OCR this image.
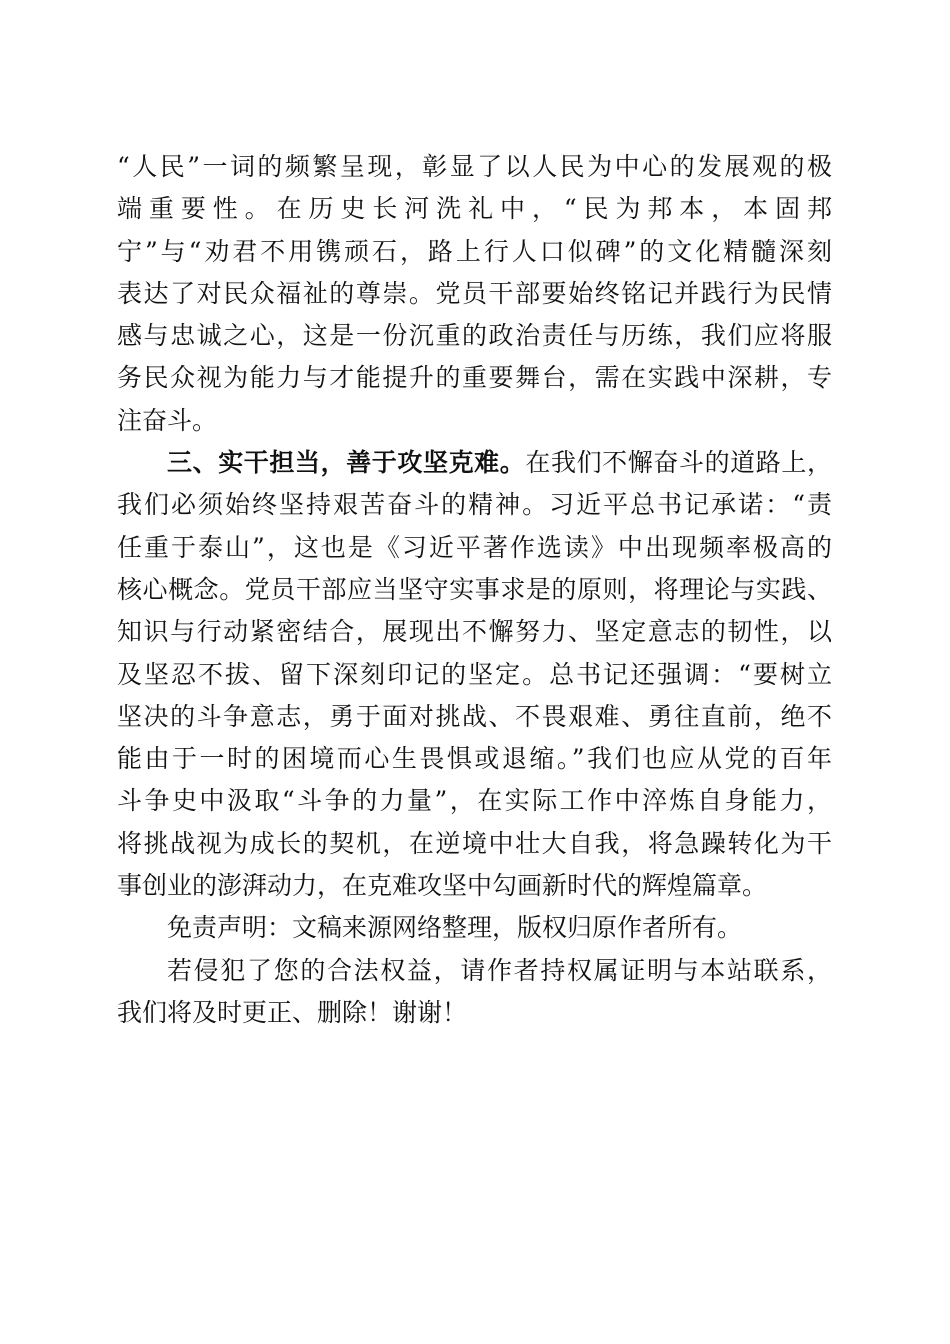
“人民”一词的频繁呈现，彰显了以人民为中心的发展观的极
端重要性。在历史长河洗礼中，“民为邦本，本固邦
宁”与“劝君不用镌顽石，路上行人口似碑”的文化精髓深刻
表达了对民众福祉的尊崇。党员干部要始终铭记并践行为民情
感与忠诚之心，这是一份沉重的政治责任与历练，我们应将服
务民众视为能力与才能提升的重要舞台，需在实践中深耕，专
注奋斗。
三、实干担当，善于攻坚克难。在我们不懈奋斗的道路上，
我们必须始终坚持艰苦奋斗的精神。习近平总书记承诺：“责
任重于泰山”，这也是《习近平著作选读》中出现频率极高的
核心概念。党员干部应当坚守实事求是的原则，将理论与实践、
知识与行动紧密结合，展现出不懈努力、坚定意志的韧性，以
及坚忍不拔、留下深刻印记的坚定。总书记还强调：“要树立
坚决的斗争意志，勇于面对挑战、不畏艰难、勇往直前，绝不
能由于一时的困境而心生畏惧或退缩。”我们也应从党的百年
斗争史中汲取“斗争的力量”，在实际工作中淬炼自身能力，
将挑战视为成长的契机，在逆境中壮大自我，将急躁转化为干
事创业的澎湃动力，在克难攻坚中勾画新时代的辉煌篇章。
免责声明：文稿来源网络整理，版权归原作者所有。
若侵犯了您的合法权益，请作者持权属证明与本站联系，
我们将及时更正、删除！谢谢！
